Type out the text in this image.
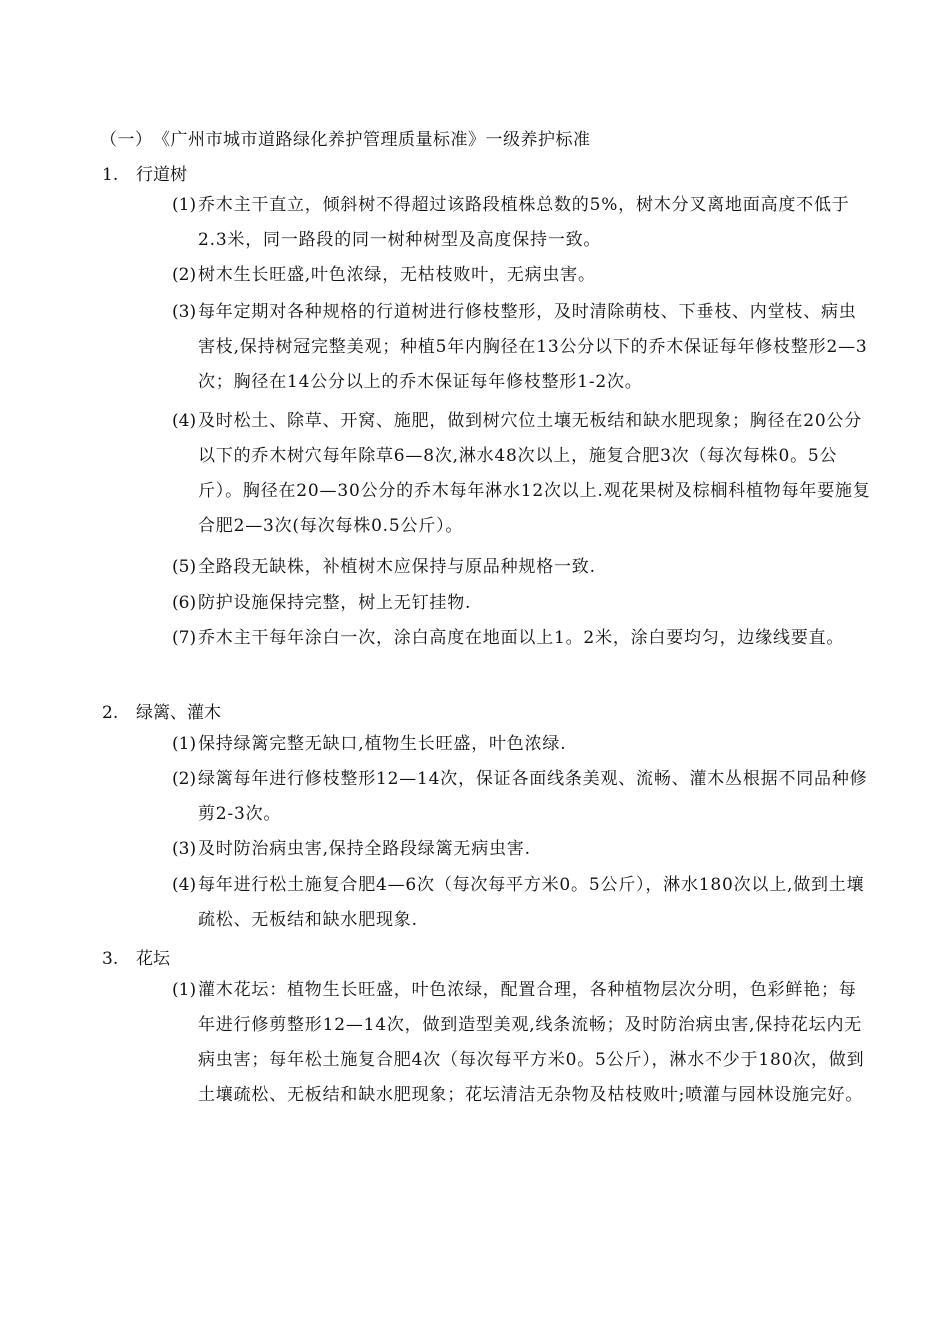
（一）　《广州市城市道路绿化养护管理质量标准》一级养护标准
1. 行道树
(1) 乔木主干直立，倾斜树不得超过该路段植株总数的5%，树木分叉离地面高度不低于2.3米，同一路段的同一树种树型及高度保持一致。
(2) 树木生长旺盛,叶色浓绿，无枯枝败叶，无病虫害。
(3) 每年定期对各种规格的行道树进行修枝整形，及时清除萌枝、下垂枝、内堂枝、病虫害枝,保持树冠完整美观；种植5年内胸径在13公分以下的乔木保证每年修枝整形2—3次；胸径在14公分以上的乔木保证每年修枝整形1-2次。
(4) 及时松土、除草、开窝、施肥，做到树穴位土壤无板结和缺水肥现象；胸径在20公分以下的乔木树穴每年除草6—8次,淋水48次以上，施复合肥3次（每次每株0。5公斤）。胸径在20—30公分的乔木每年淋水12次以上.观花果树及棕榈科植物每年要施复合肥2—3次(每次每株0.5公斤）。
(5) 全路段无缺株，补植树木应保持与原品种规格一致.
(6) 防护设施保持完整，树上无钉挂物.
(7) 乔木主干每年涂白一次，涂白高度在地面以上1。2米，涂白要均匀，边缘线要直。
2. 绿篱、灌木
(1) 保持绿篱完整无缺口,植物生长旺盛，叶色浓绿.
(2) 绿篱每年进行修枝整形12—14次，保证各面线条美观、流畅、灌木丛根据不同品种修剪2-3次。
(3) 及时防治病虫害,保持全路段绿篱无病虫害.
(4) 每年进行松土施复合肥4—6次（每次每平方米0。5公斤），淋水180次以上,做到土壤疏松、无板结和缺水肥现象.
3. 花坛
(1) 灌木花坛：植物生长旺盛，叶色浓绿，配置合理，各种植物层次分明，色彩鲜艳；每年进行修剪整形12—14次，做到造型美观,线条流畅；及时防治病虫害,保持花坛内无病虫害；每年松土施复合肥4次（每次每平方米0。5公斤），淋水不少于180次，做到土壤疏松、无板结和缺水肥现象；花坛清洁无杂物及枯枝败叶;喷灌与园林设施完好。
